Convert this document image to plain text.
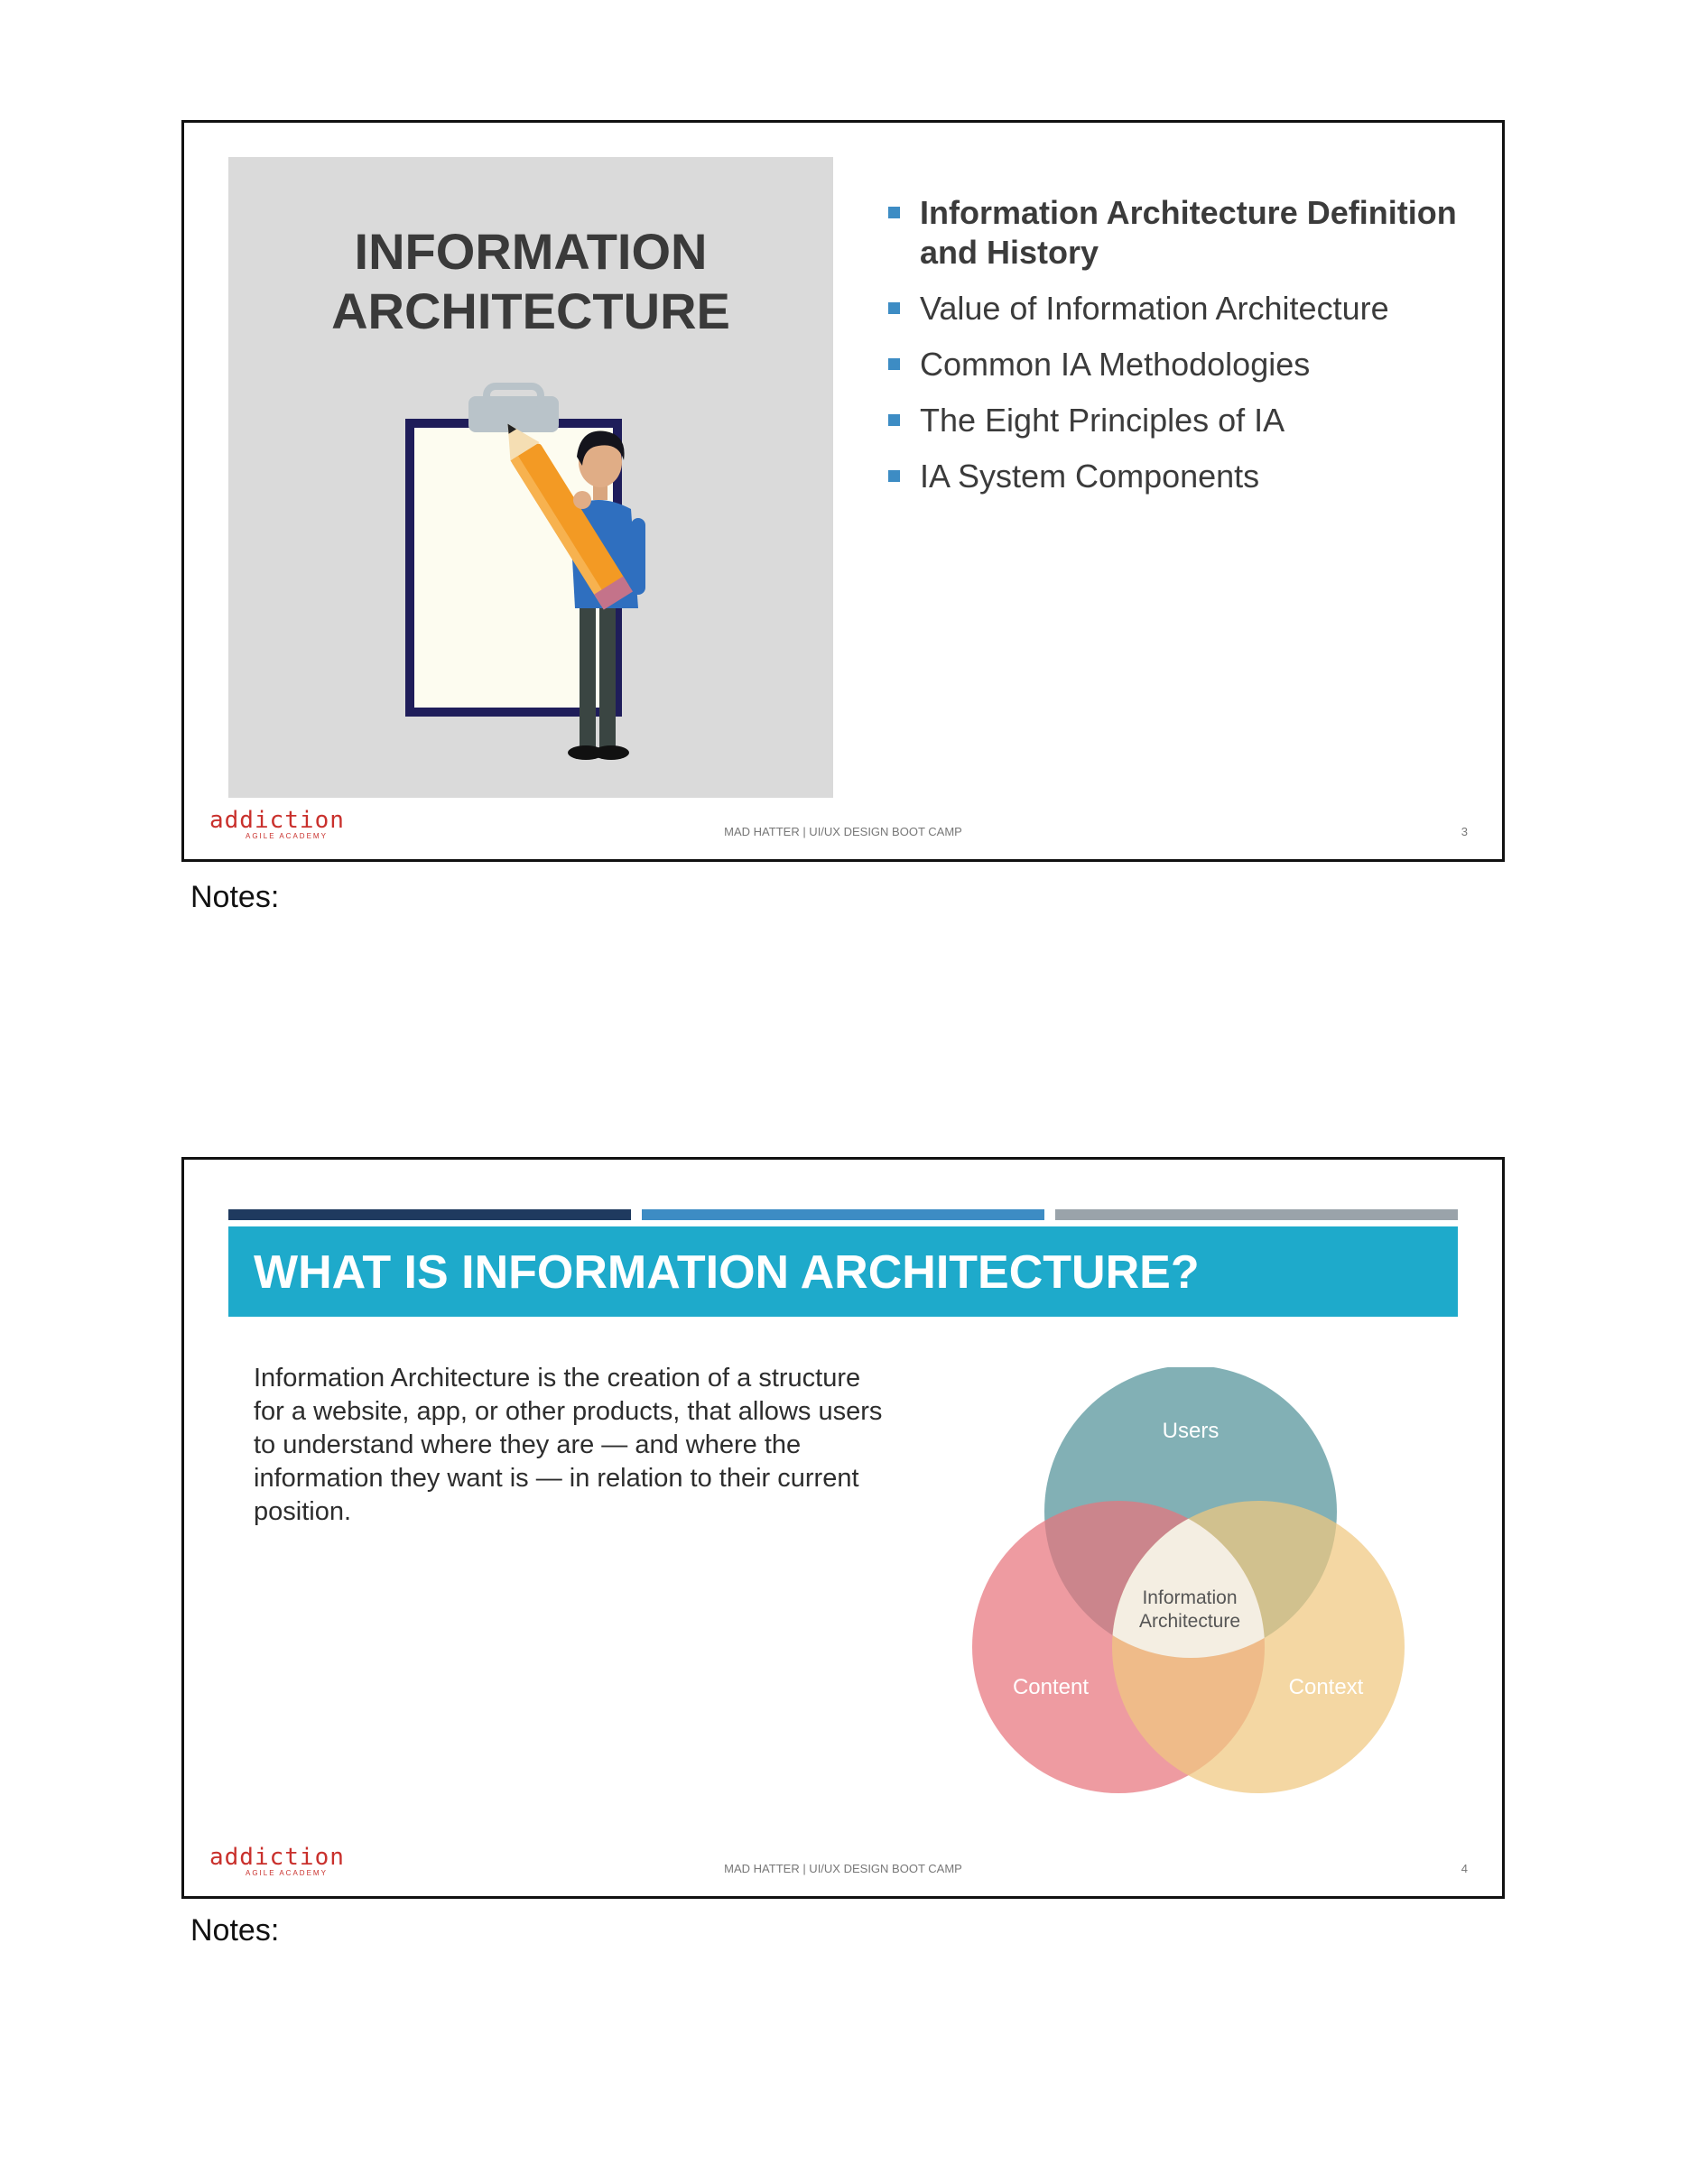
INFORMATION
ARCHITECTURE

Information Architecture Definition and History
Value of Information Architecture
Common IA Methodologies
The Eight Principles of IA
IA System Components
addiction
AGILE ACADEMY	MAD HATTER | UI/UX DESIGN BOOT CAMP	3
Notes:
WHAT IS INFORMATION ARCHITECTURE?

Information Architecture is the creation of a structure for a website, app, or other products, that allows users to understand where they are — and where the information they want is — in relation to their current position.

Users
Content	Context
Information
Architecture
addiction
AGILE ACADEMY	MAD HATTER | UI/UX DESIGN BOOT CAMP	4
Notes:
